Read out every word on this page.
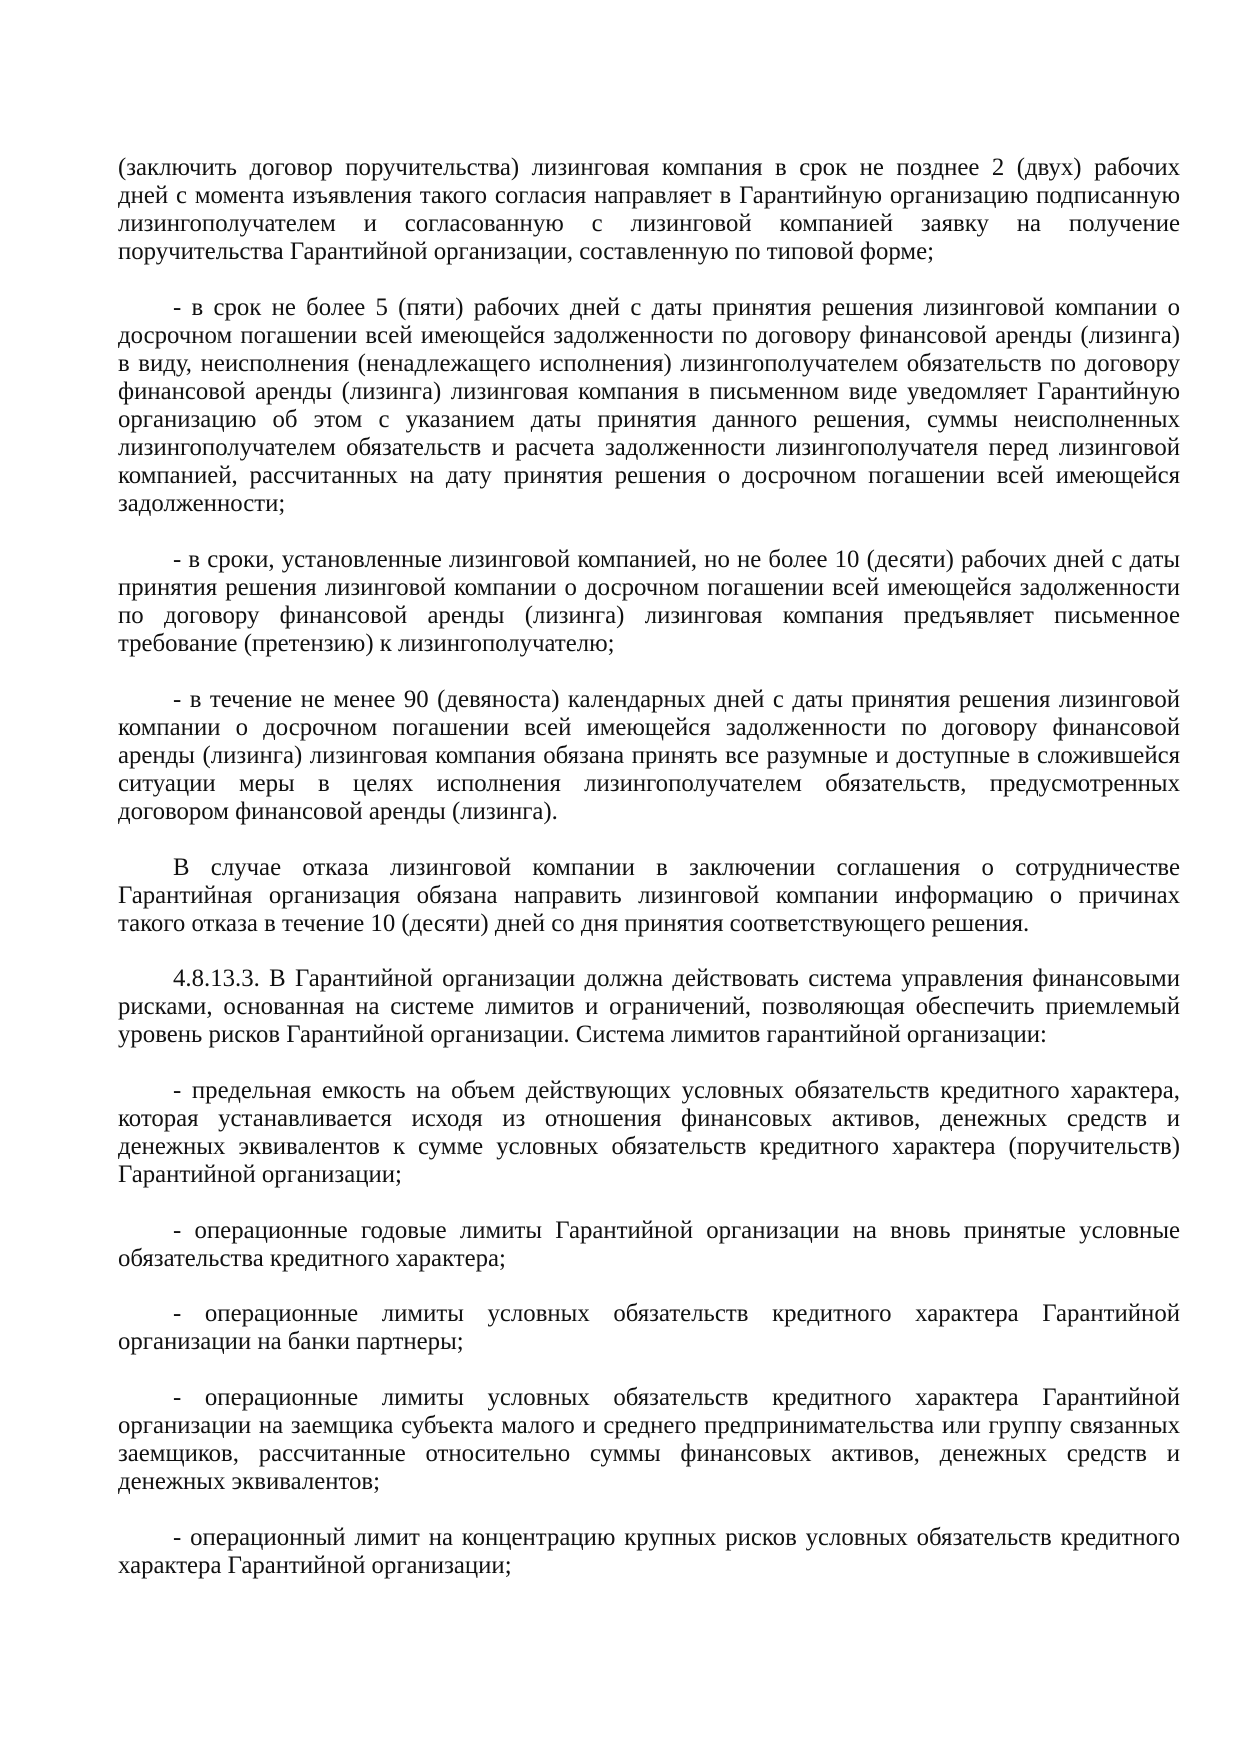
(заключить договор поручительства) лизинговая компания в срок не позднее 2 (двух) рабочих
дней с момента изъявления такого согласия направляет в Гарантийную организацию подписанную
лизингополучателем и согласованную с лизинговой компанией заявку на получение
поручительства Гарантийной организации, составленную по типовой форме;

- в срок не более 5 (пяти) рабочих дней с даты принятия решения лизинговой компании о
досрочном погашении всей имеющейся задолженности по договору финансовой аренды (лизинга)
в виду, неисполнения (ненадлежащего исполнения) лизингополучателем обязательств по договору
финансовой аренды (лизинга) лизинговая компания в письменном виде уведомляет Гарантийную
организацию об этом с указанием даты принятия данного решения, суммы неисполненных
лизингополучателем обязательств и расчета задолженности лизингополучателя перед лизинговой
компанией, рассчитанных на дату принятия решения о досрочном погашении всей имеющейся
задолженности;

- в сроки, установленные лизинговой компанией, но не более 10 (десяти) рабочих дней с даты
принятия решения лизинговой компании о досрочном погашении всей имеющейся задолженности
по договору финансовой аренды (лизинга) лизинговая компания предъявляет письменное
требование (претензию) к лизингополучателю;

- в течение не менее 90 (девяноста) календарных дней с даты принятия решения лизинговой
компании о досрочном погашении всей имеющейся задолженности по договору финансовой
аренды (лизинга) лизинговая компания обязана принять все разумные и доступные в сложившейся
ситуации меры в целях исполнения лизингополучателем обязательств, предусмотренных
договором финансовой аренды (лизинга).

В случае отказа лизинговой компании в заключении соглашения о сотрудничестве
Гарантийная организация обязана направить лизинговой компании информацию о причинах
такого отказа в течение 10 (десяти) дней со дня принятия соответствующего решения.

4.8.13.3. В Гарантийной организации должна действовать система управления финансовыми
рисками, основанная на системе лимитов и ограничений, позволяющая обеспечить приемлемый
уровень рисков Гарантийной организации. Система лимитов гарантийной организации:

- предельная емкость на объем действующих условных обязательств кредитного характера,
которая устанавливается исходя из отношения финансовых активов, денежных средств и
денежных эквивалентов к сумме условных обязательств кредитного характера (поручительств)
Гарантийной организации;

- операционные годовые лимиты Гарантийной организации на вновь принятые условные
обязательства кредитного характера;

- операционные лимиты условных обязательств кредитного характера Гарантийной
организации на банки партнеры;

- операционные лимиты условных обязательств кредитного характера Гарантийной
организации на заемщика субъекта малого и среднего предпринимательства или группу связанных
заемщиков, рассчитанные относительно суммы финансовых активов, денежных средств и
денежных эквивалентов;

- операционный лимит на концентрацию крупных рисков условных обязательств кредитного
характера Гарантийной организации;
